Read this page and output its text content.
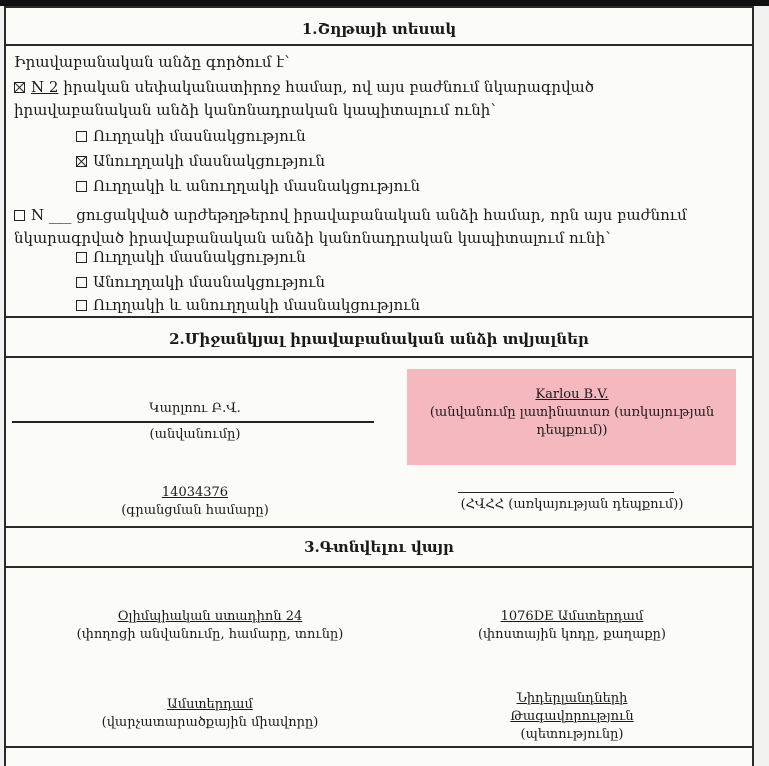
1.Շղթայի տեսակ
Իրավաբանական անձը գործում է՝
N 2 իրական սեփականատիրոջ համար, ով այս բաժնում նկարագրված
իրավաբանական անձի կանոնադրական կապիտալում ունի՝
Ուղղակի մասնակցություն
Անուղղակի մասնակցություն
Ուղղակի և անուղղակի մասնակցություն
N ___ ցուցակված արժեթղթերով իրավաբանական անձի համար, որն այս բաժնում
նկարագրված իրավաբանական անձի կանոնադրական կապիտալում ունի՝
Ուղղակի մասնակցություն
Անուղղակի մասնակցություն
Ուղղակի և անուղղակի մասնակցություն
2.Միջանկյալ իրավաբանական անձի տվյալներ
Կարլոու Բ.Վ.
(անվանումը)
Karlou B.V.
(անվանումը լատինատառ (առկայության դեպքում))
14034376
(գրանցման համարը)	(ՀՎՀՀ (առկայության դեպքում))
3.Գտնվելու վայր
Օլիմպիական ստադիոն 24
(փողոցի անվանումը, համարը, տունը)
1076DE Ամստերդամ
(փոստային կոդը, քաղաքը)
Ամստերդամ
(վարչատարածքային միավորը)
Նիդերլանդների
Թագավորություն
(պետությունը)
